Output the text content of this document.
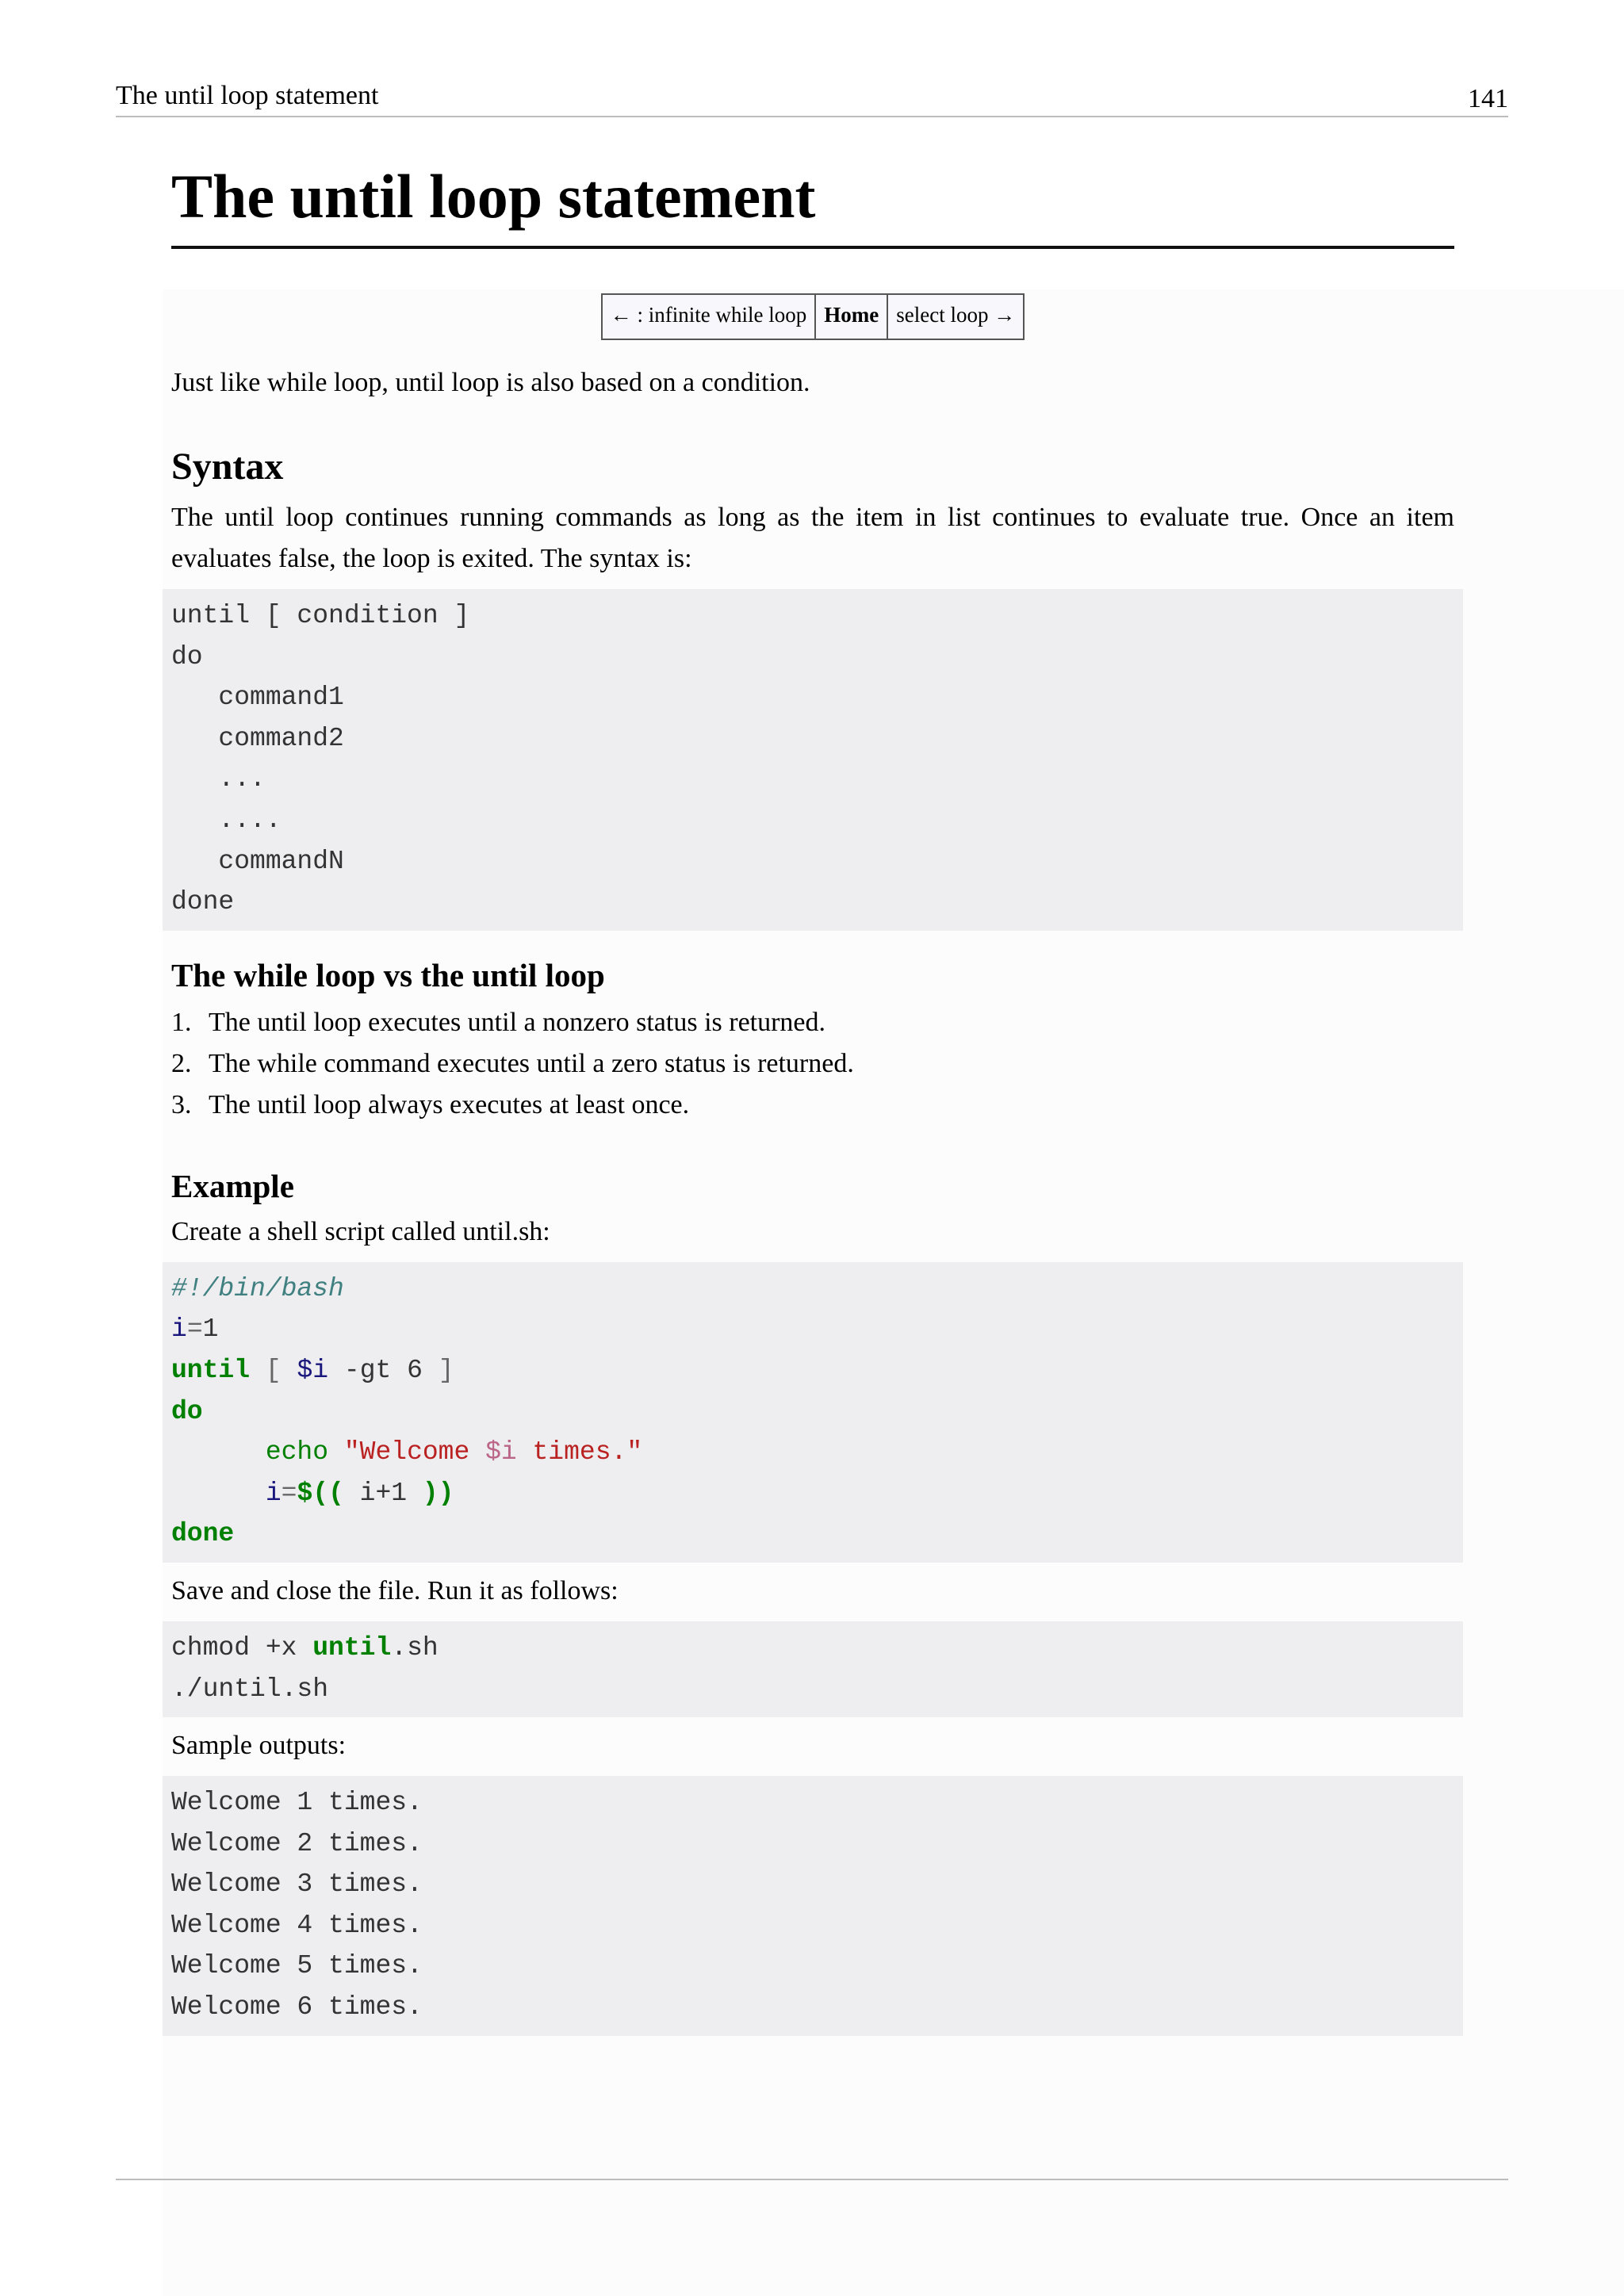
The until loop statement	141
The until loop statement
← : infinite while loop	Home	select loop →

Just like while loop, until loop is also based on a condition.

Syntax

The until loop continues running commands as long as the item in list continues to evaluate true. Once an item evaluates false, the loop is exited. The syntax is:

until [ condition ]
do
command1
command2
...
....
commandN
done
The while loop vs the until loop
1. The until loop executes until a nonzero status is returned.
2. The while command executes until a zero status is returned.
3. The until loop always executes at least once.
Example

Create a shell script called until.sh:

#!/bin/bash
i=1
until [ $i -gt 6 ]
do
echo "Welcome $i times."
i=$(( i+1 ))
done

Save and close the file. Run it as follows:

chmod +x until.sh
./until.sh

Sample outputs:

Welcome 1 times.
Welcome 2 times.
Welcome 3 times.
Welcome 4 times.
Welcome 5 times.
Welcome 6 times.
